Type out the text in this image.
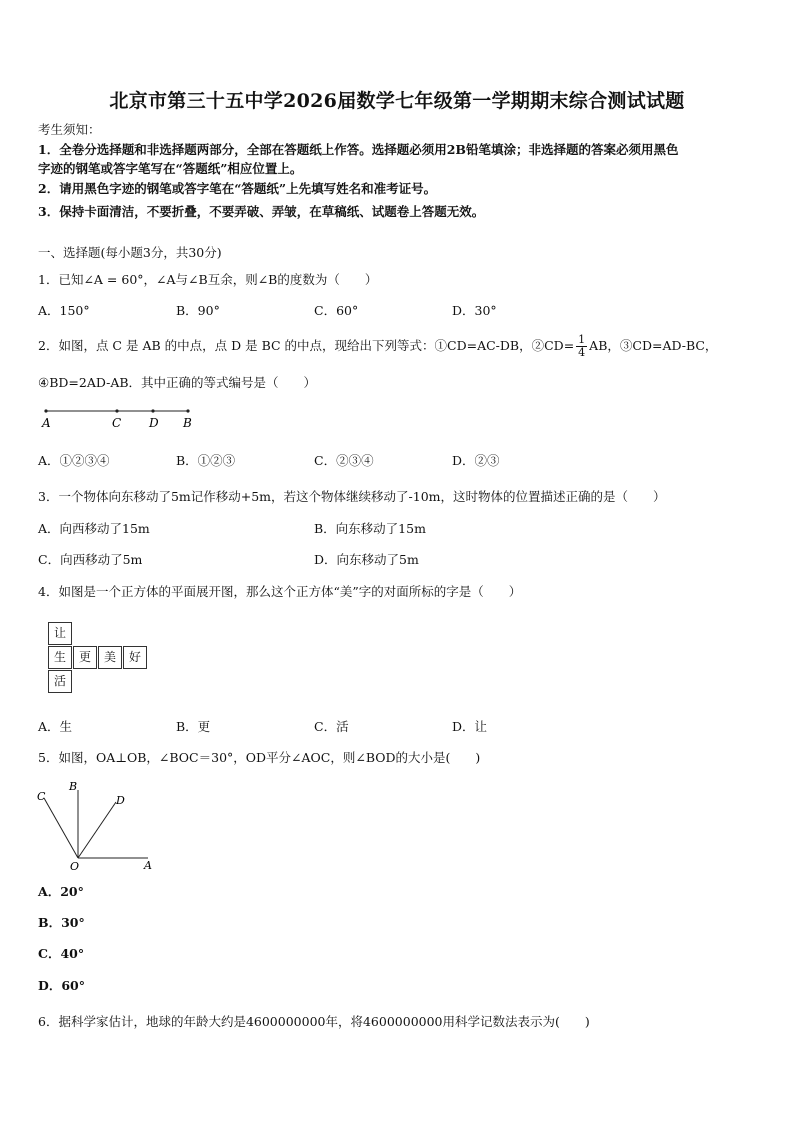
北京市第三十五中学2026届数学七年级第一学期期末综合测试试题
考生须知：
1．全卷分选择题和非选择题两部分，全部在答题纸上作答。选择题必须用2B铅笔填涂；非选择题的答案必须用黑色
字迹的钢笔或答字笔写在“答题纸”相应位置上。
2．请用黑色字迹的钢笔或答字笔在“答题纸”上先填写姓名和准考证号。
3．保持卡面清洁，不要折叠，不要弄破、弄皱，在草稿纸、试题卷上答题无效。
一、选择题(每小题3分，共30分)
1．已知∠A = 60°，∠A与∠B互余，则∠B的度数为（　　）
A．150°	B．90°	C．60°	D．30°
2．如图，点 C 是 AB 的中点，点 D 是 BC 的中点，现给出下列等式：①CD=AC-DB，②CD= $\frac{1}{4}$ AB，③CD=AD-BC，
④BD=2AD-AB．其中正确的等式编号是（　　）
A	C D B
A．①②③④	B．①②③	C．②③④	D．②③
3．一个物体向东移动了5m记作移动+5m，若这个物体继续移动了-10m，这时物体的位置描述正确的是（　　）
A．向西移动了15m	B．向东移动了15m
C．向西移动了5m	D．向东移动了5m
4．如图是一个正方体的平面展开图，那么这个正方体“美”字的对面所标的字是（　　）
让
生	更	美	好
活
A．生	B．更	C．活	D．让
5．如图，OA⊥OB，∠BOC＝30°，OD平分∠AOC，则∠BOD的大小是(　　)
C
B
D
O	A
A．20°
B．30°
C．40°
D．60°
6．据科学家估计，地球的年龄大约是4600000000年，将4600000000用科学记数法表示为(　　)
